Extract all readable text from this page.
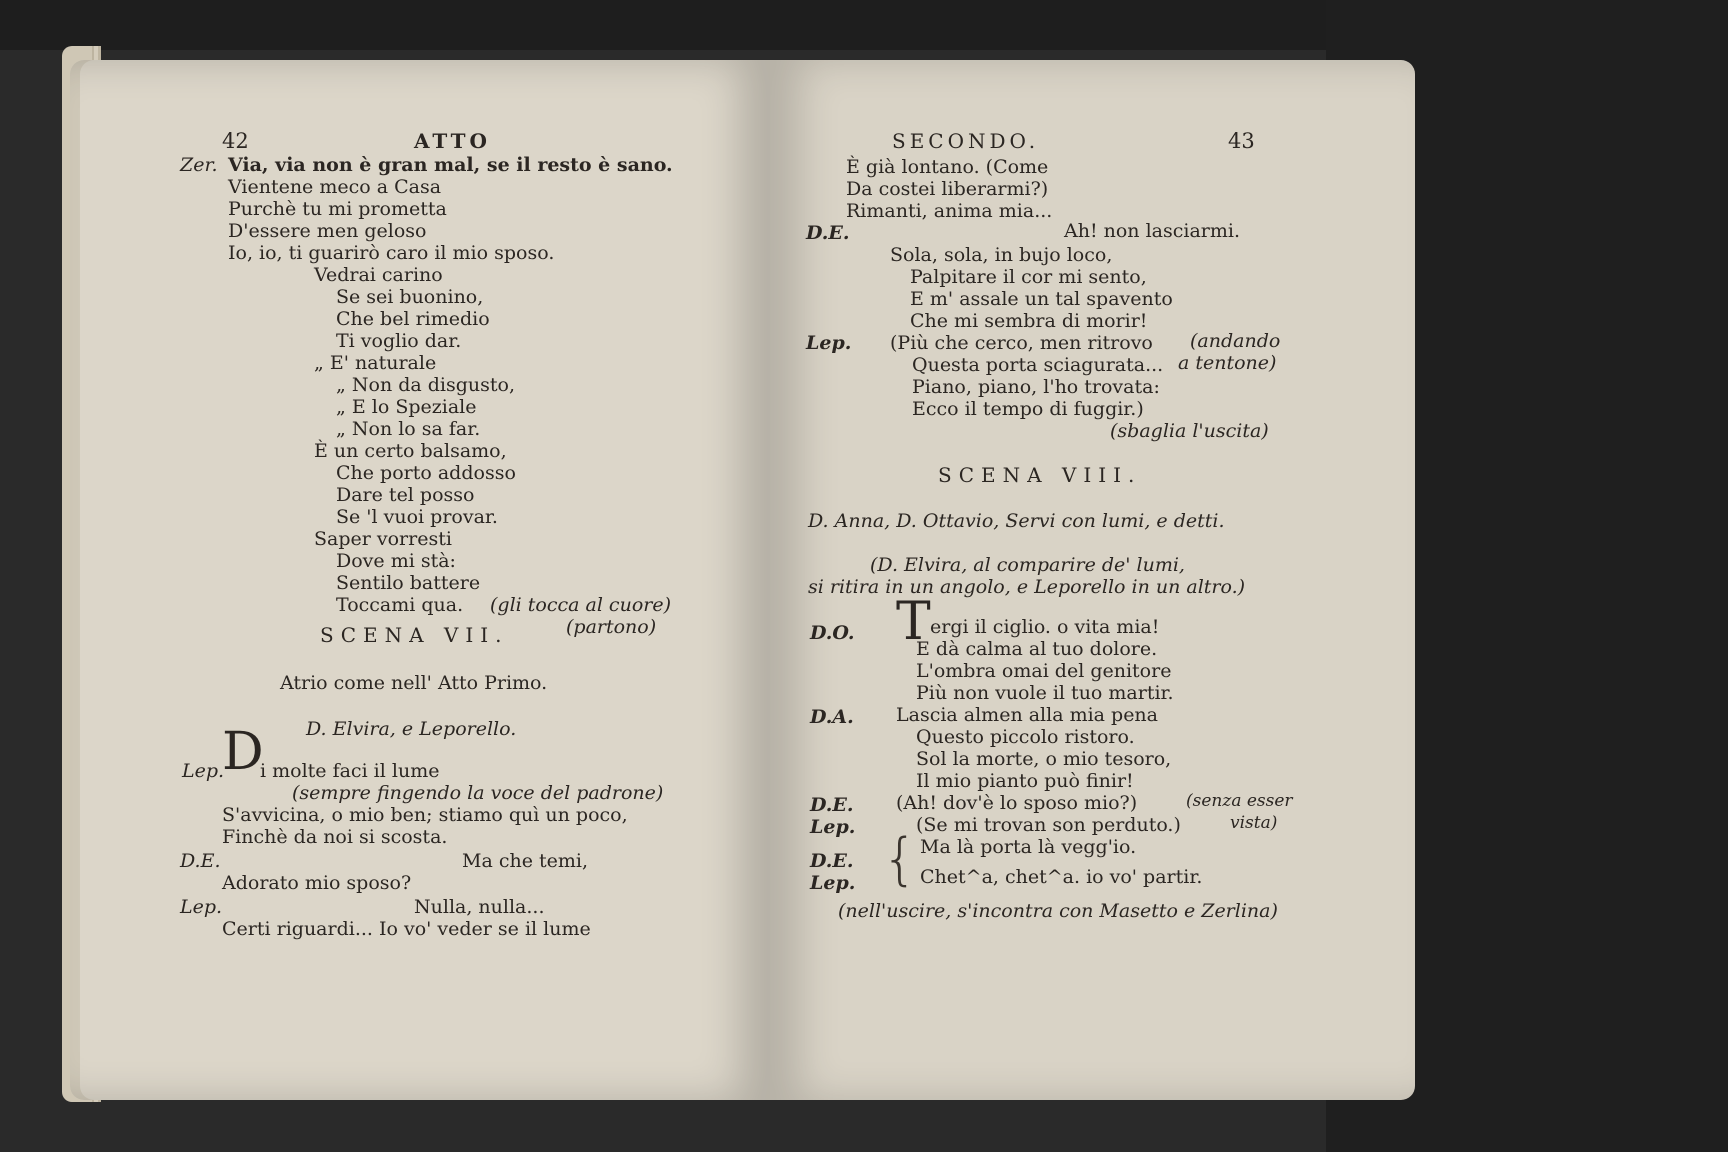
42	ATTO
Zer. Via, via non è gran mal, se il resto è sano.
Vientene meco a Casa
Purchè tu mi prometta
D'essere men geloso
Io, io, ti guarirò caro il mio sposo.
Vedrai carino
Se sei buonino,
Che bel rimedio
Ti voglio dar.
„ E' naturale
„ Non da disgusto,
„ E lo Speziale
„ Non lo sa far.
È un certo balsamo,
Che porto addosso
Dare tel posso
Se 'l vuoi provar.
Saper vorresti
Dove mi stà:
Sentilo battere
Toccami qua. (gli tocca al cuore)
(partono)
SCENA VII.
Atrio come nell' Atto Primo.
D. Elvira, e Leporello.
Lep.
D
i molte faci il lume
(sempre fingendo la voce del padrone)
S'avvicina, o mio ben; stiamo quì un poco,
Finchè da noi si scosta.
D.E.	Ma che temi,
Adorato mio sposo?
Lep.	Nulla, nulla...
Certi riguardi... Io vo' veder se il lume
SECONDO.	43
È già lontano. (Come
Da costei liberarmi?)
Rimanti, anima mia...
D.E.	Ah! non lasciarmi.
Sola, sola, in bujo loco,
Palpitare il cor mi sento,
E m' assale un tal spavento
Che mi sembra di morir!
Lep. (Più che cerco, men ritrovo (andando
Questa porta sciagurata... a tentone)
Piano, piano, l'ho trovata:
Ecco il tempo di fuggir.)
(sbaglia l'uscita)
SCENA VIII.
D. Anna, D. Ottavio, Servi con lumi, e detti.
(D. Elvira, al comparire de' lumi,
si ritira in un angolo, e Leporello in un altro.)
D.O. T ergi il ciglio. o vita mia!
E dà calma al tuo dolore.
L'ombra omai del genitore
Più non vuole il tuo martir.
D.A. Lascia almen alla mia pena
Questo piccolo ristoro.
Sol la morte, o mio tesoro,
Il mio pianto può finir!
D.E. (Ah! dov'è lo sposo mio?)	(senza esser
Lep.	(Se mi trovan son perduto.)	vista)
D.E.
Lep. { Ma là porta là vegg'io.
Chet^a, chet^a. io vo' partir.
(nell'uscire, s'incontra con Masetto e Zerlina)
